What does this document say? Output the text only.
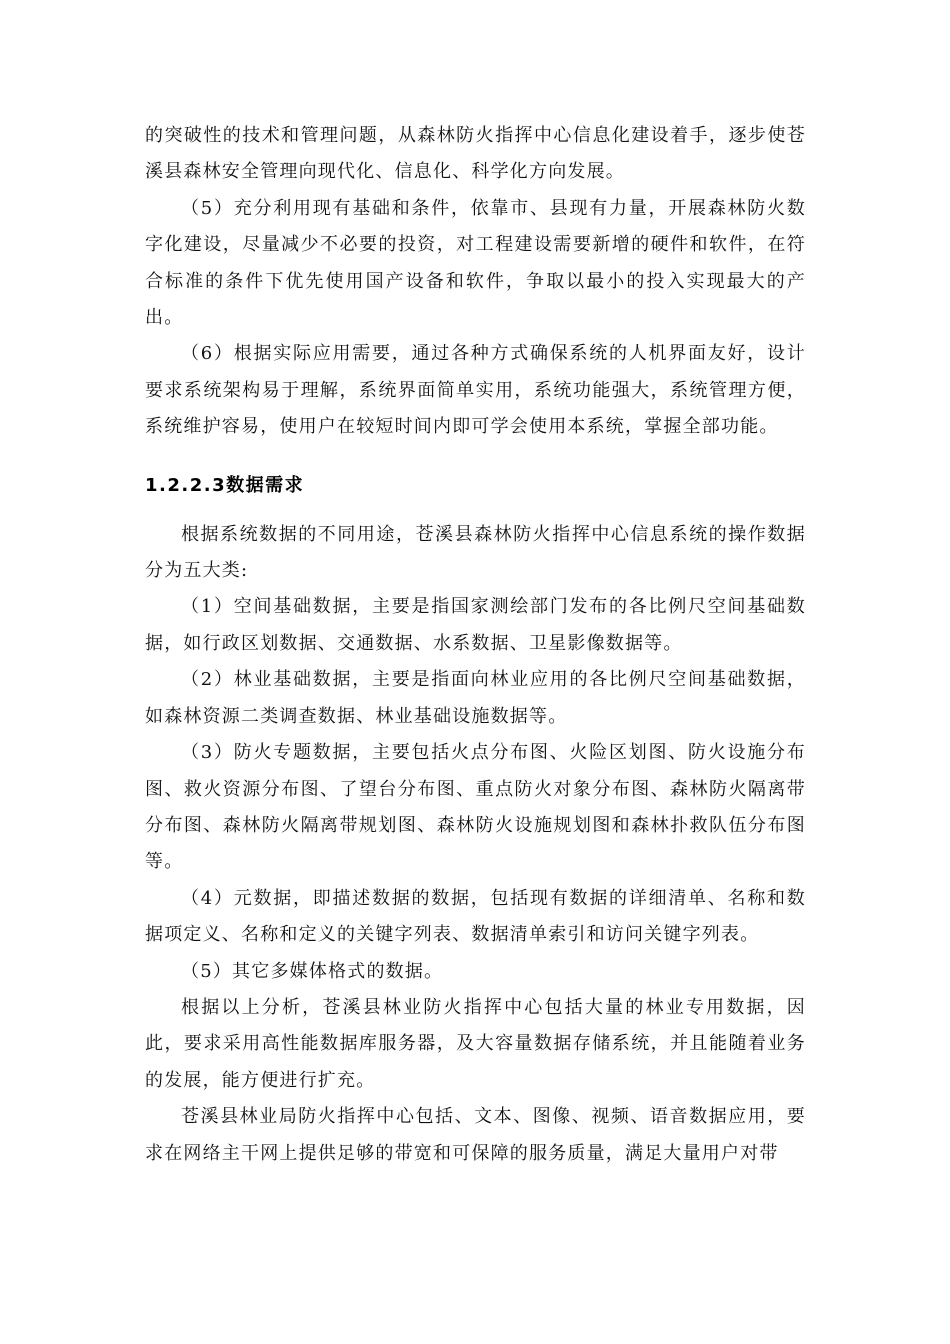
的突破性的技术和管理问题，从森林防火指挥中心信息化建设着手，逐步使苍溪县森林安全管理向现代化、信息化、科学化方向发展。

（5）充分利用现有基础和条件，依靠市、县现有力量，开展森林防火数字化建设，尽量减少不必要的投资，对工程建设需要新增的硬件和软件，在符合标准的条件下优先使用国产设备和软件，争取以最小的投入实现最大的产出。

（6）根据实际应用需要，通过各种方式确保系统的人机界面友好，设计要求系统架构易于理解，系统界面简单实用，系统功能强大，系统管理方便，系统维护容易，使用户在较短时间内即可学会使用本系统，掌握全部功能。

1.2.2.3数据需求

根据系统数据的不同用途，苍溪县森林防火指挥中心信息系统的操作数据分为五大类:

（1）空间基础数据，主要是指国家测绘部门发布的各比例尺空间基础数据，如行政区划数据、交通数据、水系数据、卫星影像数据等。

（2）林业基础数据，主要是指面向林业应用的各比例尺空间基础数据，如森林资源二类调查数据、林业基础设施数据等。

（3）防火专题数据，主要包括火点分布图、火险区划图、防火设施分布图、救火资源分布图、了望台分布图、重点防火对象分布图、森林防火隔离带分布图、森林防火隔离带规划图、森林防火设施规划图和森林扑救队伍分布图等。

（4）元数据，即描述数据的数据，包括现有数据的详细清单、名称和数据项定义、名称和定义的关键字列表、数据清单索引和访问关键字列表。

（5）其它多媒体格式的数据。

根据以上分析，苍溪县林业防火指挥中心包括大量的林业专用数据，因此，要求采用高性能数据库服务器，及大容量数据存储系统，并且能随着业务的发展，能方便进行扩充。

苍溪县林业局防火指挥中心包括、文本、图像、视频、语音数据应用，要求在网络主干网上提供足够的带宽和可保障的服务质量，满足大量用户对带
